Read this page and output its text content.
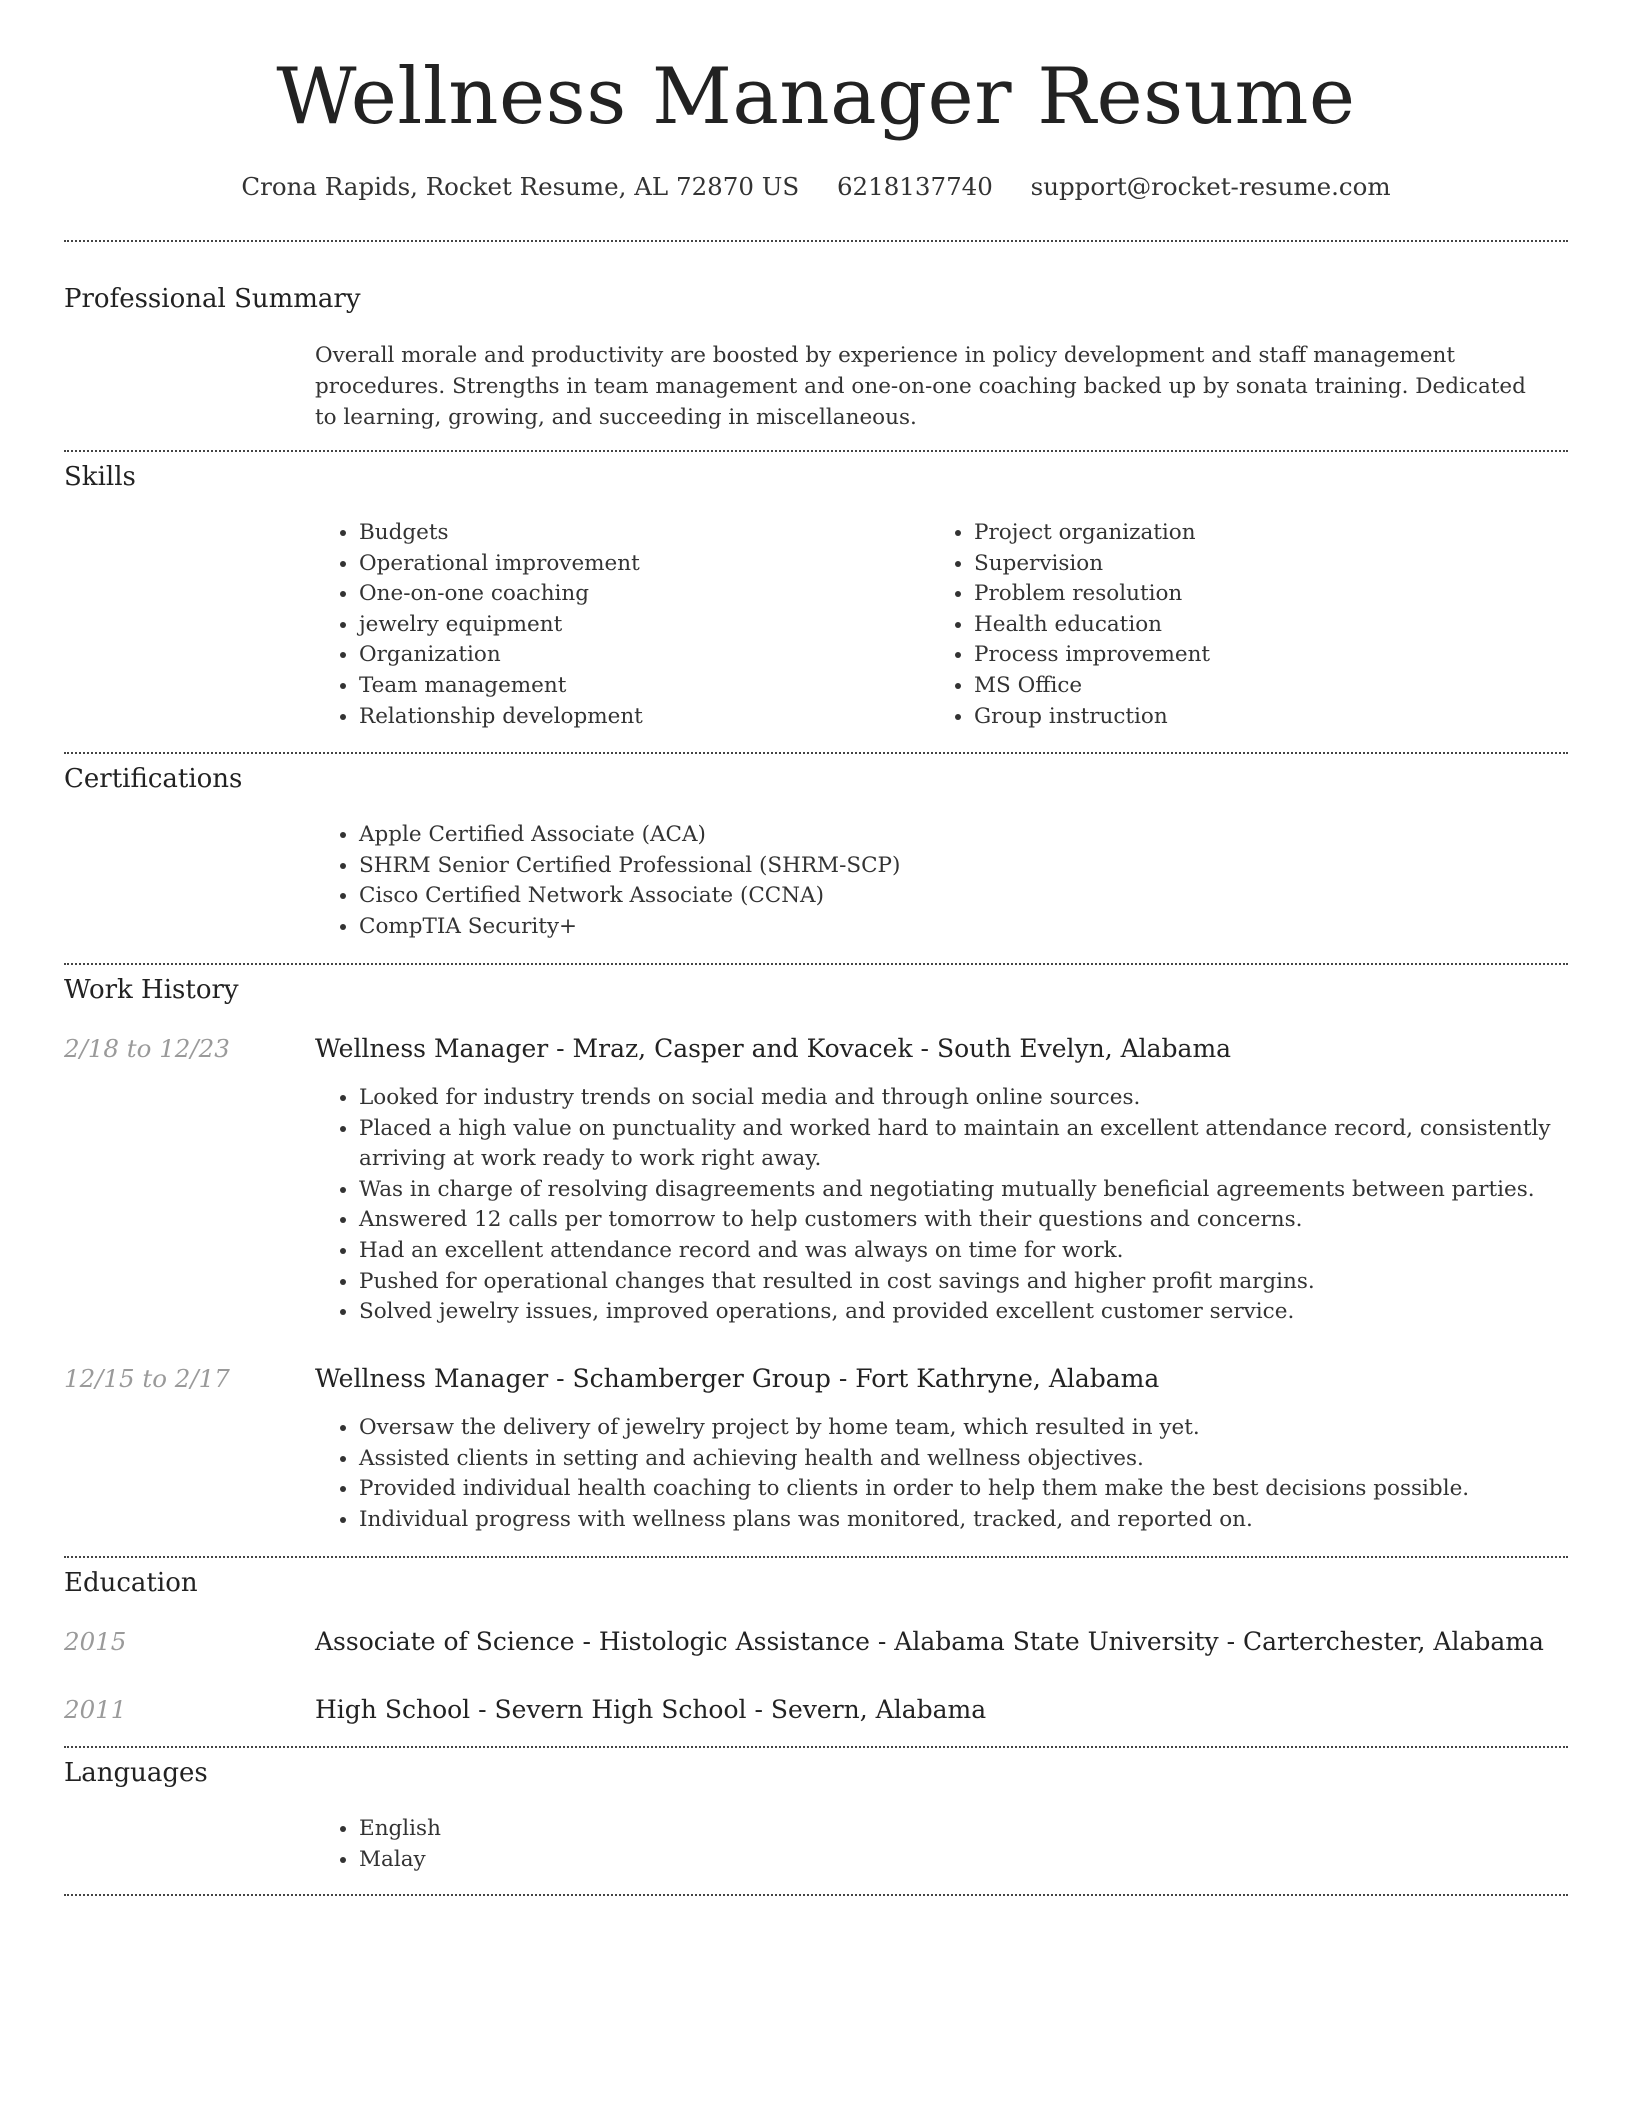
Wellness Manager Resume
Crona Rapids, Rocket Resume, AL 72870 US 6218137740 support@rocket-resume.com
Professional Summary

Overall morale and productivity are boosted by experience in policy development and staff management procedures. Strengths in team management and one-on-one coaching backed up by sonata training. Dedicated to learning, growing, and succeeding in miscellaneous.

Skills
• Budgets
• Operational improvement
• One-on-one coaching
• jewelry equipment
• Organization
• Team management
• Relationship development
• Project organization
• Supervision
• Problem resolution
• Health education
• Process improvement
• MS Office
• Group instruction
Certifications
• Apple Certified Associate (ACA)
• SHRM Senior Certified Professional (SHRM-SCP)
• Cisco Certified Network Associate (CCNA)
• CompTIA Security+
Work History
2/18 to 12/23	Wellness Manager - Mraz, Casper and Kovacek - South Evelyn, Alabama
• Looked for industry trends on social media and through online sources.
• Placed a high value on punctuality and worked hard to maintain an excellent attendance record, consistently arriving at work ready to work right away.
• Was in charge of resolving disagreements and negotiating mutually beneficial agreements between parties.
• Answered 12 calls per tomorrow to help customers with their questions and concerns.
• Had an excellent attendance record and was always on time for work.
• Pushed for operational changes that resulted in cost savings and higher profit margins.
• Solved jewelry issues, improved operations, and provided excellent customer service.
12/15 to 2/17	Wellness Manager - Schamberger Group - Fort Kathryne, Alabama
• Oversaw the delivery of jewelry project by home team, which resulted in yet.
• Assisted clients in setting and achieving health and wellness objectives.
• Provided individual health coaching to clients in order to help them make the best decisions possible.
• Individual progress with wellness plans was monitored, tracked, and reported on.
Education
2015	Associate of Science - Histologic Assistance - Alabama State University - Carterchester, Alabama
2011	High School - Severn High School - Severn, Alabama
Languages
• English
• Malay
